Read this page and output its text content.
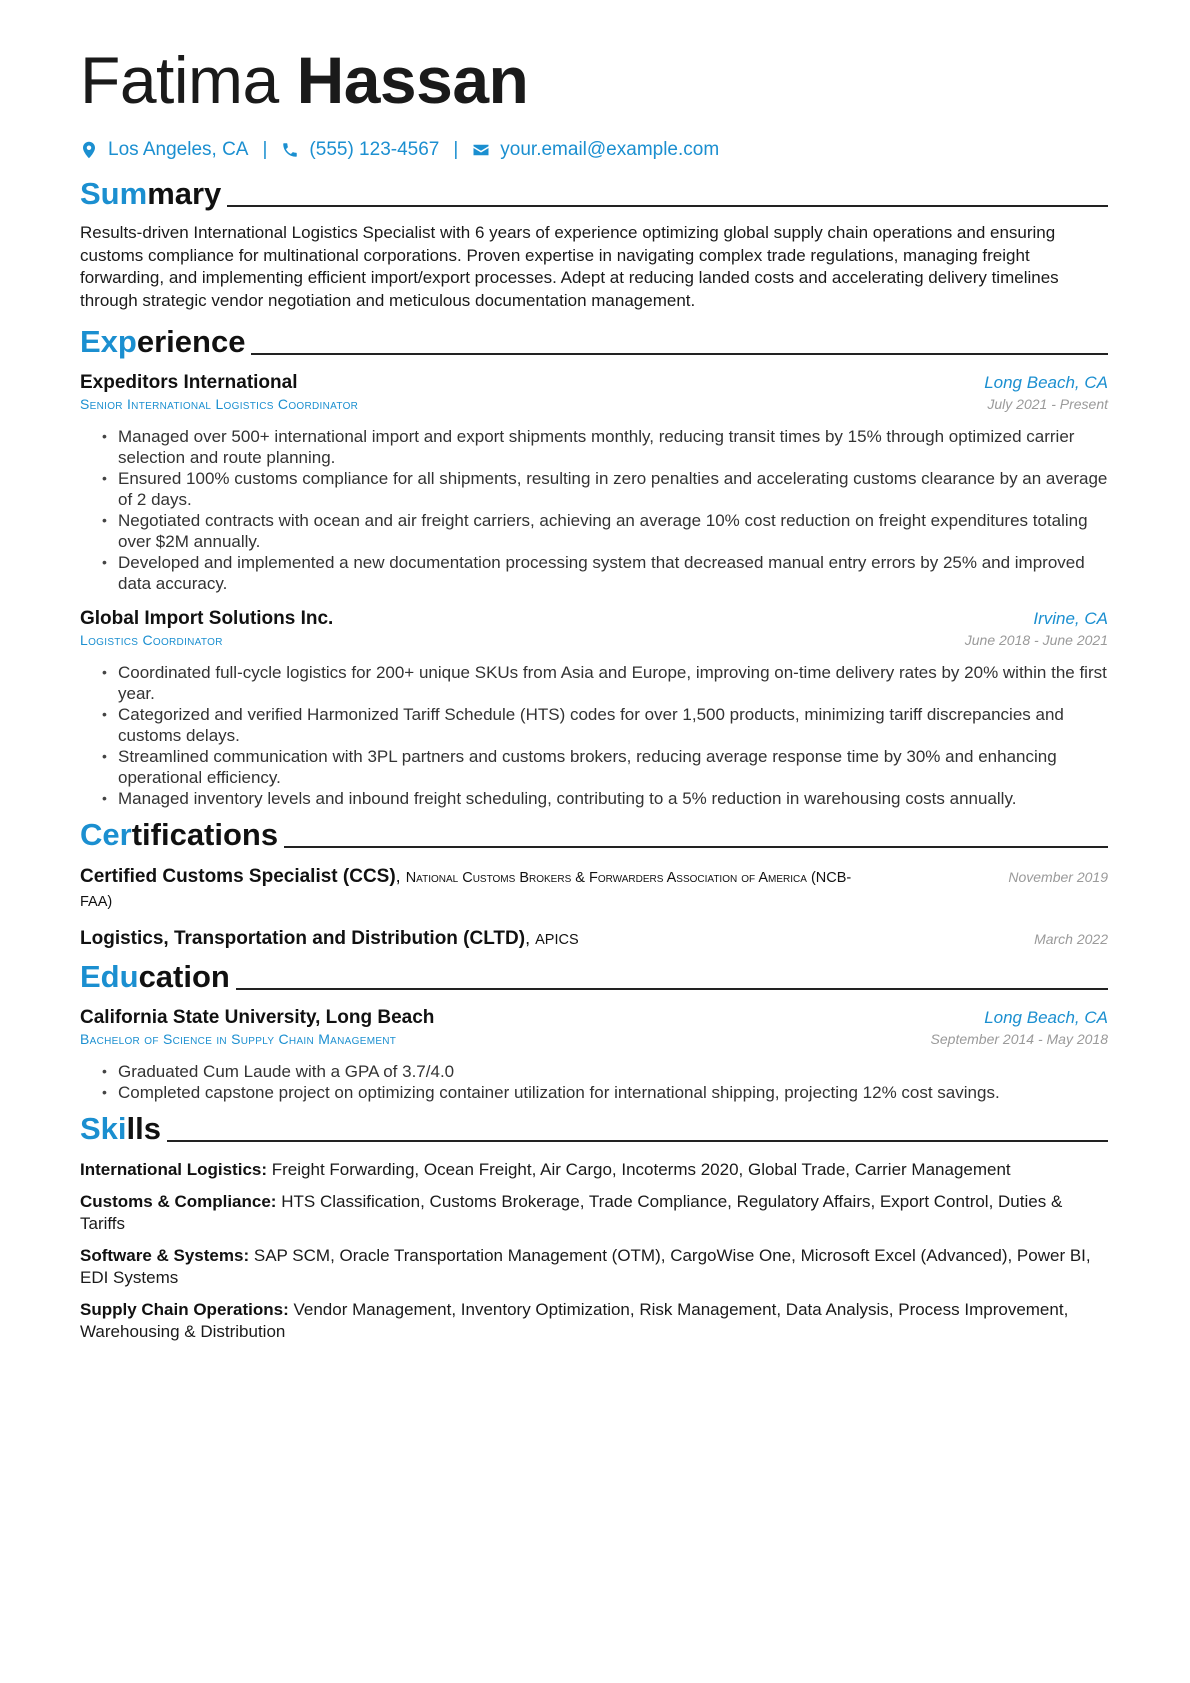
Fatima Hassan
Los Angeles, CA | (555) 123-4567 | your.email@example.com
Summary
Results-driven International Logistics Specialist with 6 years of experience optimizing global supply chain operations and ensuring customs compliance for multinational corporations. Proven expertise in navigating complex trade regulations, managing freight forwarding, and implementing efficient import/export processes. Adept at reducing landed costs and accelerating delivery timelines through strategic vendor negotiation and meticulous documentation management.
Experience
Expeditors International	Long Beach, CA
Senior International Logistics Coordinator	July 2021 - Present
• Managed over 500+ international import and export shipments monthly, reducing transit times by 15% through optimized carrier selection and route planning.
• Ensured 100% customs compliance for all shipments, resulting in zero penalties and accelerating customs clearance by an average of 2 days.
• Negotiated contracts with ocean and air freight carriers, achieving an average 10% cost reduction on freight expenditures totaling over $2M annually.
• Developed and implemented a new documentation processing system that decreased manual entry errors by 25% and improved data accuracy.
Global Import Solutions Inc.	Irvine, CA
Logistics Coordinator	June 2018 - June 2021
• Coordinated full-cycle logistics for 200+ unique SKUs from Asia and Europe, improving on-time delivery rates by 20% within the first year.
• Categorized and verified Harmonized Tariff Schedule (HTS) codes for over 1,500 products, minimizing tariff discrepancies and customs delays.
• Streamlined communication with 3PL partners and customs brokers, reducing average response time by 30% and enhancing operational efficiency.
• Managed inventory levels and inbound freight scheduling, contributing to a 5% reduction in warehousing costs annually.
Certifications
Certified Customs Specialist (CCS), National Customs Brokers & Forwarders Association of America (NCB-FAA)
November 2019
Logistics, Transportation and Distribution (CLTD), APICS	March 2022
Education
California State University, Long Beach	Long Beach, CA
Bachelor of Science in Supply Chain Management	September 2014 - May 2018
• Graduated Cum Laude with a GPA of 3.7/4.0
• Completed capstone project on optimizing container utilization for international shipping, projecting 12% cost savings.
Skills
International Logistics: Freight Forwarding, Ocean Freight, Air Cargo, Incoterms 2020, Global Trade, Carrier Management
Customs & Compliance: HTS Classification, Customs Brokerage, Trade Compliance, Regulatory Affairs, Export Control, Duties & Tariffs
Software & Systems: SAP SCM, Oracle Transportation Management (OTM), CargoWise One, Microsoft Excel (Advanced), Power BI, EDI Systems
Supply Chain Operations: Vendor Management, Inventory Optimization, Risk Management, Data Analysis, Process Improvement, Warehousing & Distribution
